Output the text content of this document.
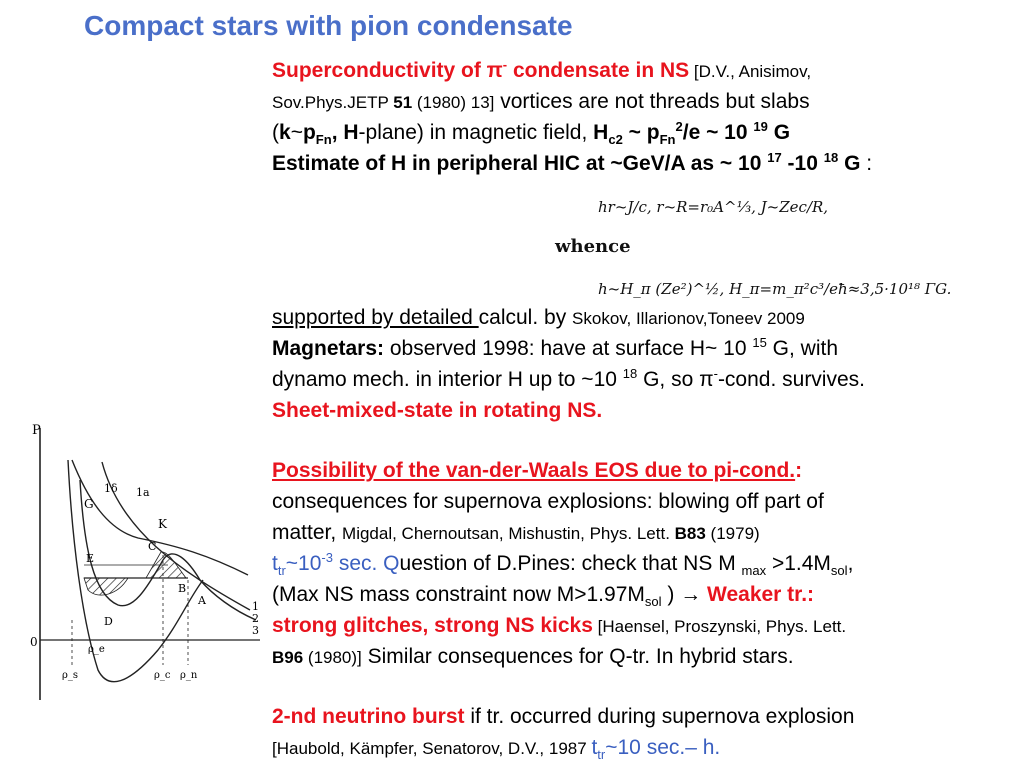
Compact stars with pion condensate
Superconductivity of π- condensate in NS [D.V., Anisimov,
Sov.Phys.JETP 51 (1980) 13] vortices are not threads but slabs
($k\sim p_{Fn}$, H-plane) in magnetic field, $H_{c2}$ ~ $p_{Fn}^2/e$ ~ 10 $^{19}$ G
Estimate of H in peripheral HIC at ~GeV/A as ~ 10 $^{17}$ -10 $^{18}$ G :
hr~J/c, r~R=r₀A^⅓, J~Zec/R,
whence
h~H_π (Ze²)^½, H_π=m_π²c³/eħ≈3,5·10¹⁸ ΓG.
supported by detailed calcul. by Skokov, Illarionov,Toneev 2009
Magnetars: observed 1998: have at surface H~ 10 $^{15}$ G, with
dynamo mech. in interior H up to ~10 $^{18}$ G, so π--cond. survives.
Sheet-mixed-state in rotating NS.
Possibility of the van-der-Waals EOS due to pi-cond.:
consequences for supernova explosions: blowing off part of
matter, Migdal, Chernoutsan, Mishustin, Phys. Lett. B83 (1979)
$t_{tr}\sim 10^{-3}$ sec. Question of D.Pines: check that NS M $_{max} >1.4M_{sol}$,
(Max NS mass constraint now $M>1.97M_{sol}$ ) → Weaker tr.:
strong glitches, strong NS kicks [Haensel, Proszynski, Phys. Lett.
B96 (1980)] Similar consequences for Q-tr. In hybrid stars.
2-nd neutrino burst if tr. occurred during supernova explosion
[Haubold, Kämpfer, Senatorov, D.V., 1987 $t_{tr}\sim 10$ sec.– h.
P
0
G
1δ 1a
K
C
E
B
A
D
1
2
3
ρ_e
ρ_c ρ_n
ρ_s
